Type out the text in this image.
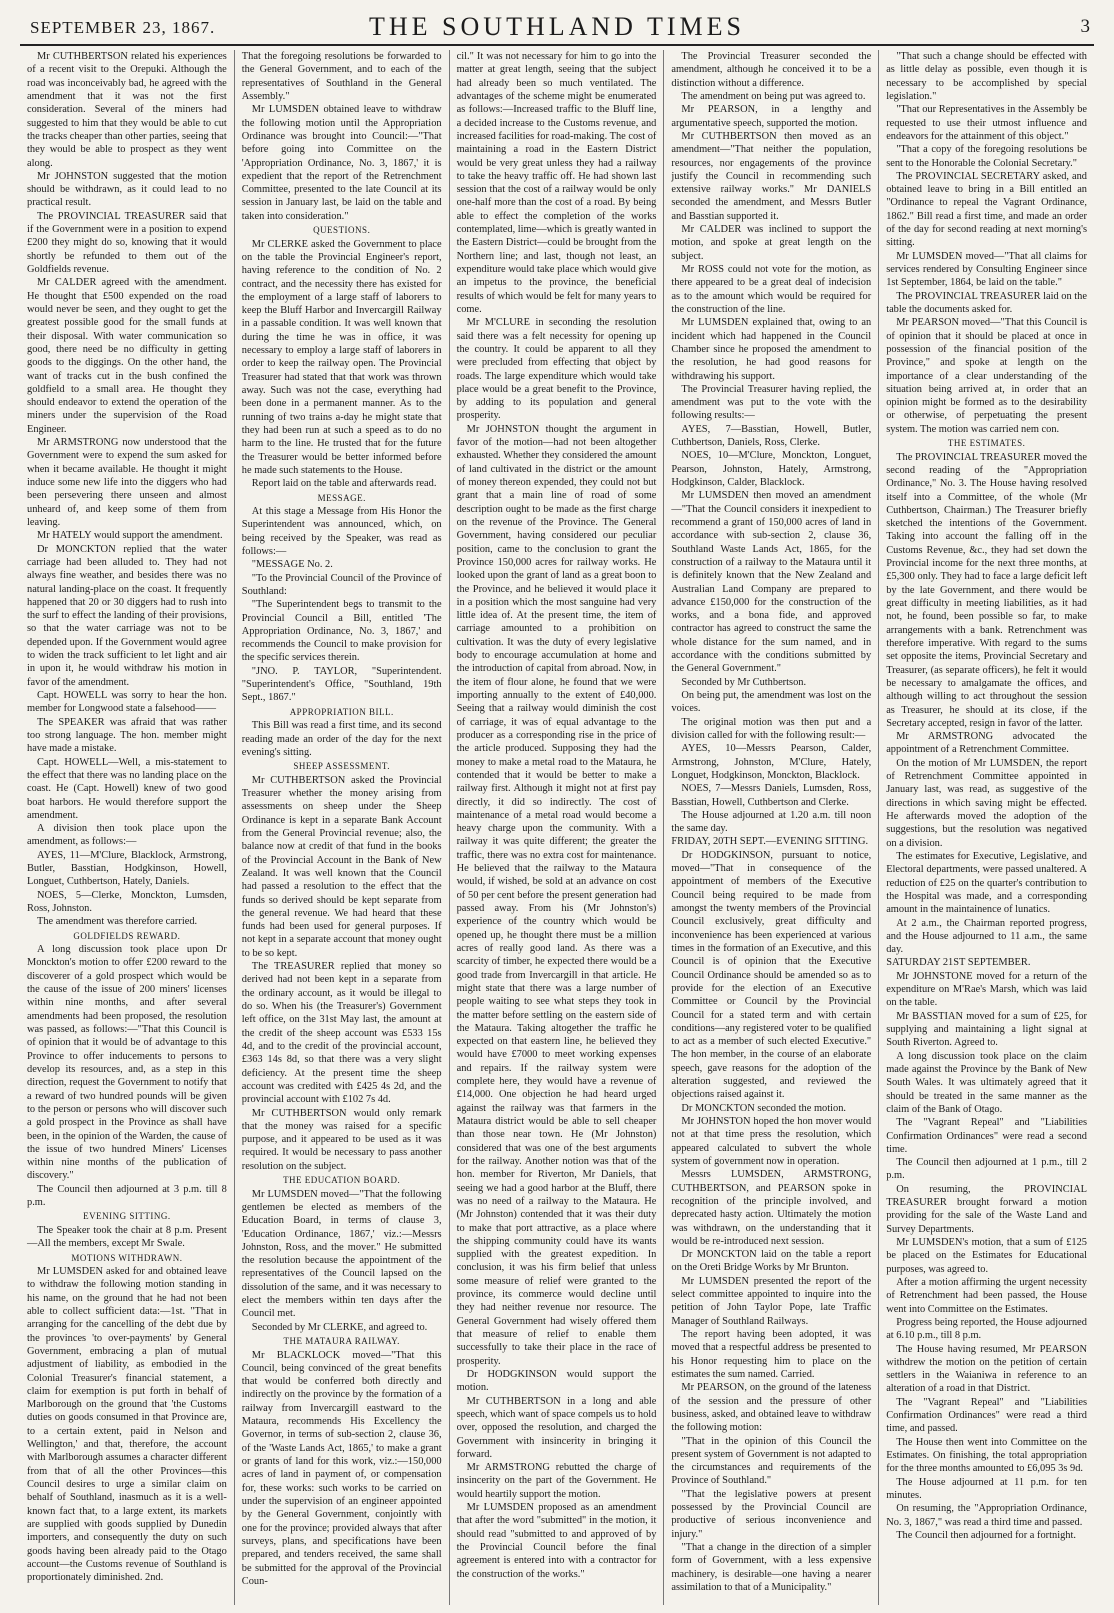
SEPTEMBER 23, 1867.	THE SOUTHLAND TIMES	3

Mr CUTHBERTSON related his experiences of a recent visit to the Orepuki. Although the road was inconceivably bad, he agreed with the amendment that it was not the first consideration. Several of the miners had suggested to him that they would be able to cut the tracks cheaper than other parties, seeing that they would be able to prospect as they went along.

Mr JOHNSTON suggested that the motion should be withdrawn, as it could lead to no practical result.

The PROVINCIAL TREASURER said that if the Government were in a position to expend £200 they might do so, knowing that it would shortly be refunded to them out of the Goldfields revenue.

Mr CALDER agreed with the amendment. He thought that £500 expended on the road would never be seen, and they ought to get the greatest possible good for the small funds at their disposal. With water communication so good, there need be no difficulty in getting goods to the diggings. On the other hand, the want of tracks cut in the bush confined the goldfield to a small area. He thought they should endeavor to extend the operation of the miners under the supervision of the Road Engineer.

Mr ARMSTRONG now understood that the Government were to expend the sum asked for when it became available. He thought it might induce some new life into the diggers who had been persevering there unseen and almost unheard of, and keep some of them from leaving.

Mr HATELY would support the amendment.

Dr MONCKTON replied that the water carriage had been alluded to. They had not always fine weather, and besides there was no natural landing-place on the coast. It frequently happened that 20 or 30 diggers had to rush into the surf to effect the landing of their provisions, so that the water carriage was not to be depended upon. If the Government would agree to widen the track sufficient to let light and air in upon it, he would withdraw his motion in favor of the amendment.

Capt. HOWELL was sorry to hear the hon. member for Longwood state a falsehood——

The SPEAKER was afraid that was rather too strong language. The hon. member might have made a mistake.

Capt. HOWELL—Well, a mis-statement to the effect that there was no landing place on the coast. He (Capt. Howell) knew of two good boat harbors. He would therefore support the amendment.

A division then took place upon the amendment, as follows:—

AYES, 11—M'Clure, Blacklock, Armstrong, Butler, Basstian, Hodgkinson, Howell, Longuet, Cuthbertson, Hately, Daniels.

NOES, 5—Clerke, Monckton, Lumsden, Ross, Johnston.

The amendment was therefore carried.

GOLDFIELDS REWARD.

A long discussion took place upon Dr Monckton's motion to offer £200 reward to the discoverer of a gold prospect which would be the cause of the issue of 200 miners' licenses within nine months, and after several amendments had been proposed, the resolution was passed, as follows:—"That this Council is of opinion that it would be of advantage to this Province to offer inducements to persons to develop its resources, and, as a step in this direction, request the Government to notify that a reward of two hundred pounds will be given to the person or persons who will discover such a gold prospect in the Province as shall have been, in the opinion of the Warden, the cause of the issue of two hundred Miners' Licenses within nine months of the publication of discovery."

The Council then adjourned at 3 p.m. till 8 p.m.

EVENING SITTING.

The Speaker took the chair at 8 p.m. Present—All the members, except Mr Swale.

MOTIONS WITHDRAWN.

Mr LUMSDEN asked for and obtained leave to withdraw the following motion standing in his name, on the ground that he had not been able to collect sufficient data:—1st. "That in arranging for the cancelling of the debt due by the provinces 'to over-payments' by General Government, embracing a plan of mutual adjustment of liability, as embodied in the Colonial Treasurer's financial statement, a claim for exemption is put forth in behalf of Marlborough on the ground that 'the Customs duties on goods consumed in that Province are, to a certain extent, paid in Nelson and Wellington,' and that, therefore, the account with Marlborough assumes a character different from that of all the other Provinces—this Council desires to urge a similar claim on behalf of Southland, inasmuch as it is a well-known fact that, to a large extent, its markets are supplied with goods supplied by Dunedin importers, and consequently the duty on such goods having been already paid to the Otago account—the Customs revenue of Southland is proportionately diminished. 2nd.

That the foregoing resolutions be forwarded to the General Government, and to each of the representatives of Southland in the General Assembly."

Mr LUMSDEN obtained leave to withdraw the following motion until the Appropriation Ordinance was brought into Council:—"That before going into Committee on the 'Appropriation Ordinance, No. 3, 1867,' it is expedient that the report of the Retrenchment Committee, presented to the late Council at its session in January last, be laid on the table and taken into consideration."

QUESTIONS.

Mr CLERKE asked the Government to place on the table the Provincial Engineer's report, having reference to the condition of No. 2 contract, and the necessity there has existed for the employment of a large staff of laborers to keep the Bluff Harbor and Invercargill Railway in a passable condition. It was well known that during the time he was in office, it was necessary to employ a large staff of laborers in order to keep the railway open. The Provincial Treasurer had stated that that work was thrown away. Such was not the case, everything had been done in a permanent manner. As to the running of two trains a-day he might state that they had been run at such a speed as to do no harm to the line. He trusted that for the future the Treasurer would be better informed before he made such statements to the House.

Report laid on the table and afterwards read.

MESSAGE.

At this stage a Message from His Honor the Superintendent was announced, which, on being received by the Speaker, was read as follows:—

"MESSAGE No. 2.

"To the Provincial Council of the Province of Southland:

"The Superintendent begs to transmit to the Provincial Council a Bill, entitled 'The Appropriation Ordinance, No. 3, 1867,' and recommends the Council to make provision for the specific services therein.

"JNO. P. TAYLOR, "Superintendent. "Superintendent's Office, "Southland, 19th Sept., 1867."

APPROPRIATION BILL.

This Bill was read a first time, and its second reading made an order of the day for the next evening's sitting.

SHEEP ASSESSMENT.

Mr CUTHBERTSON asked the Provincial Treasurer whether the money arising from assessments on sheep under the Sheep Ordinance is kept in a separate Bank Account from the General Provincial revenue; also, the balance now at credit of that fund in the books of the Provincial Account in the Bank of New Zealand. It was well known that the Council had passed a resolution to the effect that the funds so derived should be kept separate from the general revenue. We had heard that these funds had been used for general purposes. If not kept in a separate account that money ought to be so kept.

The TREASURER replied that money so derived had not been kept in a separate from the ordinary account, as it would be illegal to do so. When his (the Treasurer's) Government left office, on the 31st May last, the amount at the credit of the sheep account was £533 15s 4d, and to the credit of the provincial account, £363 14s 8d, so that there was a very slight deficiency. At the present time the sheep account was credited with £425 4s 2d, and the provincial account with £102 7s 4d.

Mr CUTHBERTSON would only remark that the money was raised for a specific purpose, and it appeared to be used as it was required. It would be necessary to pass another resolution on the subject.

THE EDUCATION BOARD.

Mr LUMSDEN moved—"That the following gentlemen be elected as members of the Education Board, in terms of clause 3, 'Education Ordinance, 1867,' viz.:—Messrs Johnston, Ross, and the mover." He submitted the resolution because the appointment of the representatives of the Council lapsed on the dissolution of the same, and it was necessary to elect the members within ten days after the Council met.

Seconded by Mr CLERKE, and agreed to.

THE MATAURA RAILWAY.

Mr BLACKLOCK moved—"That this Council, being convinced of the great benefits that would be conferred both directly and indirectly on the province by the formation of a railway from Invercargill eastward to the Mataura, recommends His Excellency the Governor, in terms of sub-section 2, clause 36, of the 'Waste Lands Act, 1865,' to make a grant or grants of land for this work, viz.:—150,000 acres of land in payment of, or compensation for, these works: such works to be carried on under the supervision of an engineer appointed by the General Government, conjointly with one for the province; provided always that after surveys, plans, and specifications have been prepared, and tenders received, the same shall be submitted for the approval of the Provincial Coun-

cil." It was not necessary for him to go into the matter at great length, seeing that the subject had already been so much ventilated. The advantages of the scheme might be enumerated as follows:—Increased traffic to the Bluff line, a decided increase to the Customs revenue, and increased facilities for road-making. The cost of maintaining a road in the Eastern District would be very great unless they had a railway to take the heavy traffic off. He had shown last session that the cost of a railway would be only one-half more than the cost of a road. By being able to effect the completion of the works contemplated, lime—which is greatly wanted in the Eastern District—could be brought from the Northern line; and last, though not least, an expenditure would take place which would give an impetus to the province, the beneficial results of which would be felt for many years to come.

Mr M'CLURE in seconding the resolution said there was a felt necessity for opening up the country. It could be apparent to all they were precluded from effecting that object by roads. The large expenditure which would take place would be a great benefit to the Province, by adding to its population and general prosperity.

Mr JOHNSTON thought the argument in favor of the motion—had not been altogether exhausted. Whether they considered the amount of land cultivated in the district or the amount of money thereon expended, they could not but grant that a main line of road of some description ought to be made as the first charge on the revenue of the Province. The General Government, having considered our peculiar position, came to the conclusion to grant the Province 150,000 acres for railway works. He looked upon the grant of land as a great boon to the Province, and he believed it would place it in a position which the most sanguine had very little idea of. At the present time, the item of carriage amounted to a prohibition on cultivation. It was the duty of every legislative body to encourage accumulation at home and the introduction of capital from abroad. Now, in the item of flour alone, he found that we were importing annually to the extent of £40,000. Seeing that a railway would diminish the cost of carriage, it was of equal advantage to the producer as a corresponding rise in the price of the article produced. Supposing they had the money to make a metal road to the Mataura, he contended that it would be better to make a railway first. Although it might not at first pay directly, it did so indirectly. The cost of maintenance of a metal road would become a heavy charge upon the community. With a railway it was quite different; the greater the traffic, there was no extra cost for maintenance. He believed that the railway to the Mataura would, if wished, be sold at an advance on cost of 50 per cent before the present generation had passed away. From his (Mr Johnston's) experience of the country which would be opened up, he thought there must be a million acres of really good land. As there was a scarcity of timber, he expected there would be a good trade from Invercargill in that article. He might state that there was a large number of people waiting to see what steps they took in the matter before settling on the eastern side of the Mataura. Taking altogether the traffic he expected on that eastern line, he believed they would have £7000 to meet working expenses and repairs. If the railway system were complete here, they would have a revenue of £14,000. One objection he had heard urged against the railway was that farmers in the Mataura district would be able to sell cheaper than those near town. He (Mr Johnston) considered that was one of the best arguments for the railway. Another notion was that of the hon. member for Riverton, Mr Daniels, that seeing we had a good harbor at the Bluff, there was no need of a railway to the Mataura. He (Mr Johnston) contended that it was their duty to make that port attractive, as a place where the shipping community could have its wants supplied with the greatest expedition. In conclusion, it was his firm belief that unless some measure of relief were granted to the province, its commerce would decline until they had neither revenue nor resource. The General Government had wisely offered them that measure of relief to enable them successfully to take their place in the race of prosperity.

Dr HODGKINSON would support the motion.

Mr CUTHBERTSON in a long and able speech, which want of space compels us to hold over, opposed the resolution, and charged the Government with insincerity in bringing it forward.

Mr ARMSTRONG rebutted the charge of insincerity on the part of the Government. He would heartily support the motion.

Mr LUMSDEN proposed as an amendment that after the word "submitted" in the motion, it should read "submitted to and approved of by the Provincial Council before the final agreement is entered into with a contractor for the construction of the works."

The Provincial Treasurer seconded the amendment, although he conceived it to be a distinction without a difference.

The amendment on being put was agreed to.

Mr PEARSON, in a lengthy and argumentative speech, supported the motion.

Mr CUTHBERTSON then moved as an amendment—"That neither the population, resources, nor engagements of the province justify the Council in recommending such extensive railway works." Mr DANIELS seconded the amendment, and Messrs Butler and Basstian supported it.

Mr CALDER was inclined to support the motion, and spoke at great length on the subject.

Mr ROSS could not vote for the motion, as there appeared to be a great deal of indecision as to the amount which would be required for the construction of the line.

Mr LUMSDEN explained that, owing to an incident which had happened in the Council Chamber since he proposed the amendment to the resolution, he had good reasons for withdrawing his support.

The Provincial Treasurer having replied, the amendment was put to the vote with the following results:—

AYES, 7—Basstian, Howell, Butler, Cuthbertson, Daniels, Ross, Clerke.

NOES, 10—M'Clure, Monckton, Longuet, Pearson, Johnston, Hately, Armstrong, Hodgkinson, Calder, Blacklock.

Mr LUMSDEN then moved an amendment—"That the Council considers it inexpedient to recommend a grant of 150,000 acres of land in accordance with sub-section 2, clause 36, Southland Waste Lands Act, 1865, for the construction of a railway to the Mataura until it is definitely known that the New Zealand and Australian Land Company are prepared to advance £150,000 for the construction of the works, and a bona fide, and approved contractor has agreed to construct the same the whole distance for the sum named, and in accordance with the conditions submitted by the General Government."

Seconded by Mr Cuthbertson.

On being put, the amendment was lost on the voices.

The original motion was then put and a division called for with the following result:—

AYES, 10—Messrs Pearson, Calder, Armstrong, Johnston, M'Clure, Hately, Longuet, Hodgkinson, Monckton, Blacklock.

NOES, 7—Messrs Daniels, Lumsden, Ross, Basstian, Howell, Cuthbertson and Clerke.

The House adjourned at 1.20 a.m. till noon the same day.

FRIDAY, 20TH SEPT.—EVENING SITTING.

Dr HODGKINSON, pursuant to notice, moved—"That in consequence of the appointment of members of the Executive Council being required to be made from amongst the twenty members of the Provincial Council exclusively, great difficulty and inconvenience has been experienced at various times in the formation of an Executive, and this Council is of opinion that the Executive Council Ordinance should be amended so as to provide for the election of an Executive Committee or Council by the Provincial Council for a stated term and with certain conditions—any registered voter to be qualified to act as a member of such elected Executive." The hon member, in the course of an elaborate speech, gave reasons for the adoption of the alteration suggested, and reviewed the objections raised against it.

Dr MONCKTON seconded the motion.

Mr JOHNSTON hoped the hon mover would not at that time press the resolution, which appeared calculated to subvert the whole system of government now in operation.

Messrs LUMSDEN, ARMSTRONG, CUTHBERTSON, and PEARSON spoke in recognition of the principle involved, and deprecated hasty action. Ultimately the motion was withdrawn, on the understanding that it would be re-introduced next session.

Dr MONCKTON laid on the table a report on the Oreti Bridge Works by Mr Brunton.

Mr LUMSDEN presented the report of the select committee appointed to inquire into the petition of John Taylor Pope, late Traffic Manager of Southland Railways.

The report having been adopted, it was moved that a respectful address be presented to his Honor requesting him to place on the estimates the sum named. Carried.

Mr PEARSON, on the ground of the lateness of the session and the pressure of other business, asked, and obtained leave to withdraw the following motion:

"That in the opinion of this Council the present system of Government is not adapted to the circumstances and requirements of the Province of Southland."

"That the legislative powers at present possessed by the Provincial Council are productive of serious inconvenience and injury."

"That a change in the direction of a simpler form of Government, with a less expensive machinery, is desirable—one having a nearer assimilation to that of a Municipality."

"That such a change should be effected with as little delay as possible, even though it is necessary to be accomplished by special legislation."

"That our Representatives in the Assembly be requested to use their utmost influence and endeavors for the attainment of this object."

"That a copy of the foregoing resolutions be sent to the Honorable the Colonial Secretary."

The PROVINCIAL SECRETARY asked, and obtained leave to bring in a Bill entitled an "Ordinance to repeal the Vagrant Ordinance, 1862." Bill read a first time, and made an order of the day for second reading at next morning's sitting.

Mr LUMSDEN moved—"That all claims for services rendered by Consulting Engineer since 1st September, 1864, be laid on the table."

The PROVINCIAL TREASURER laid on the table the documents asked for.

Mr PEARSON moved—"That this Council is of opinion that it should be placed at once in possession of the financial position of the Province," and spoke at length on the importance of a clear understanding of the situation being arrived at, in order that an opinion might be formed as to the desirability or otherwise, of perpetuating the present system. The motion was carried nem con.

THE ESTIMATES.

The PROVINCIAL TREASURER moved the second reading of the "Appropriation Ordinance," No. 3. The House having resolved itself into a Committee, of the whole (Mr Cuthbertson, Chairman.) The Treasurer briefly sketched the intentions of the Government. Taking into account the falling off in the Customs Revenue, &c., they had set down the Provincial income for the next three months, at £5,300 only. They had to face a large deficit left by the late Government, and there would be great difficulty in meeting liabilities, as it had not, he found, been possible so far, to make arrangements with a bank. Retrenchment was therefore imperative. With regard to the sums set opposite the items, Provincial Secretary and Treasurer, (as separate officers), he felt it would be necessary to amalgamate the offices, and although willing to act throughout the session as Treasurer, he should at its close, if the Secretary accepted, resign in favor of the latter.

Mr ARMSTRONG advocated the appointment of a Retrenchment Committee.

On the motion of Mr LUMSDEN, the report of Retrenchment Committee appointed in January last, was read, as suggestive of the directions in which saving might be effected. He afterwards moved the adoption of the suggestions, but the resolution was negatived on a division.

The estimates for Executive, Legislative, and Electoral departments, were passed unaltered. A reduction of £25 on the quarter's contribution to the Hospital was made, and a corresponding amount in the maintainence of lunatics.

At 2 a.m., the Chairman reported progress, and the House adjourned to 11 a.m., the same day.

SATURDAY 21ST SEPTEMBER.

Mr JOHNSTONE moved for a return of the expenditure on M'Rae's Marsh, which was laid on the table.

Mr BASSTIAN moved for a sum of £25, for supplying and maintaining a light signal at South Riverton. Agreed to.

A long discussion took place on the claim made against the Province by the Bank of New South Wales. It was ultimately agreed that it should be treated in the same manner as the claim of the Bank of Otago.

The "Vagrant Repeal" and "Liabilities Confirmation Ordinances" were read a second time.

The Council then adjourned at 1 p.m., till 2 p.m.

On resuming, the PROVINCIAL TREASURER brought forward a motion providing for the sale of the Waste Land and Survey Departments.

Mr LUMSDEN's motion, that a sum of £125 be placed on the Estimates for Educational purposes, was agreed to.

After a motion affirming the urgent necessity of Retrenchment had been passed, the House went into Committee on the Estimates.

Progress being reported, the House adjourned at 6.10 p.m., till 8 p.m.

The House having resumed, Mr PEARSON withdrew the motion on the petition of certain settlers in the Waianiwa in reference to an alteration of a road in that District.

The "Vagrant Repeal" and "Liabilities Confirmation Ordinances" were read a third time, and passed.

The House then went into Committee on the Estimates. On finishing, the total appropriation for the three months amounted to £6,095 3s 9d.

The House adjourned at 11 p.m. for ten minutes.

On resuming, the "Appropriation Ordinance, No. 3, 1867," was read a third time and passed.

The Council then adjourned for a fortnight.
